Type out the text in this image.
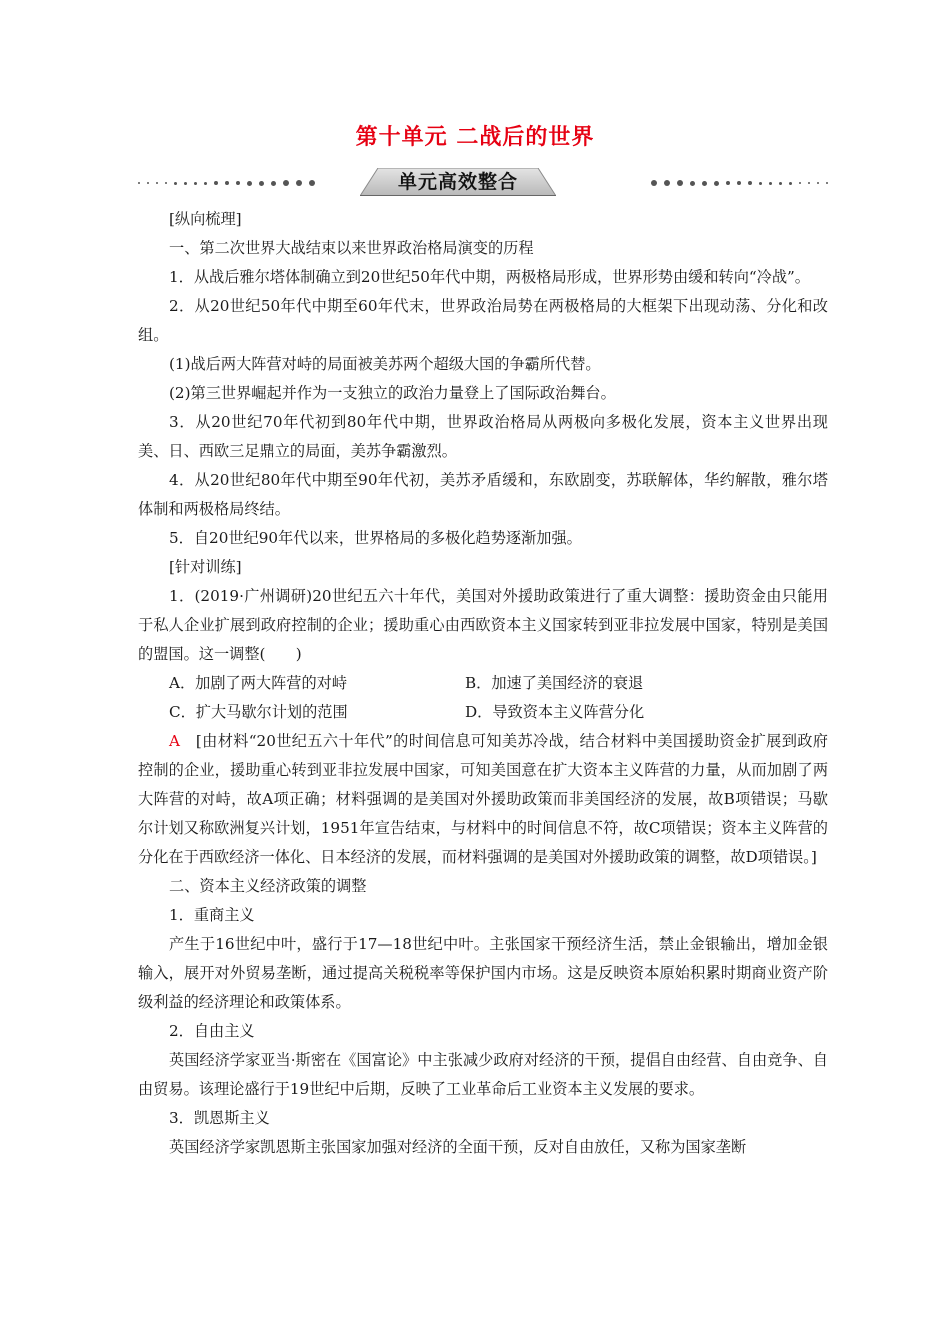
第十单元 二战后的世界
单元高效整合

[纵向梳理]

一、第二次世界大战结束以来世界政治格局演变的历程

1．从战后雅尔塔体制确立到20世纪50年代中期，两极格局形成，世界形势由缓和转向“冷战”。

2．从20世纪50年代中期至60年代末，世界政治局势在两极格局的大框架下出现动荡、分化和改组。

(1)战后两大阵营对峙的局面被美苏两个超级大国的争霸所代替。

(2)第三世界崛起并作为一支独立的政治力量登上了国际政治舞台。

3．从20世纪70年代初到80年代中期，世界政治格局从两极向多极化发展，资本主义世界出现美、日、西欧三足鼎立的局面，美苏争霸激烈。

4．从20世纪80年代中期至90年代初，美苏矛盾缓和，东欧剧变，苏联解体，华约解散，雅尔塔体制和两极格局终结。

5．自20世纪90年代以来，世界格局的多极化趋势逐渐加强。

[针对训练]

1．(2019·广州调研)20世纪五六十年代，美国对外援助政策进行了重大调整：援助资金由只能用于私人企业扩展到政府控制的企业；援助重心由西欧资本主义国家转到亚非拉发展中国家，特别是美国的盟国。这一调整(　　)

A．加剧了两大阵营的对峙	B．加速了美国经济的衰退
C．扩大马歇尔计划的范围	D．导致资本主义阵营分化

A　[由材料“20世纪五六十年代”的时间信息可知美苏冷战，结合材料中美国援助资金扩展到政府控制的企业，援助重心转到亚非拉发展中国家，可知美国意在扩大资本主义阵营的力量，从而加剧了两大阵营的对峙，故A项正确；材料强调的是美国对外援助政策而非美国经济的发展，故B项错误；马歇尔计划又称欧洲复兴计划，1951年宣告结束，与材料中的时间信息不符，故C项错误；资本主义阵营的分化在于西欧经济一体化、日本经济的发展，而材料强调的是美国对外援助政策的调整，故D项错误。]

二、资本主义经济政策的调整

1．重商主义

产生于16世纪中叶，盛行于17—18世纪中叶。主张国家干预经济生活，禁止金银输出，增加金银输入，展开对外贸易垄断，通过提高关税税率等保护国内市场。这是反映资本原始积累时期商业资产阶级利益的经济理论和政策体系。

2．自由主义

英国经济学家亚当·斯密在《国富论》中主张减少政府对经济的干预，提倡自由经营、自由竞争、自由贸易。该理论盛行于19世纪中后期，反映了工业革命后工业资本主义发展的要求。

3．凯恩斯主义

英国经济学家凯恩斯主张国家加强对经济的全面干预，反对自由放任，又称为国家垄断
